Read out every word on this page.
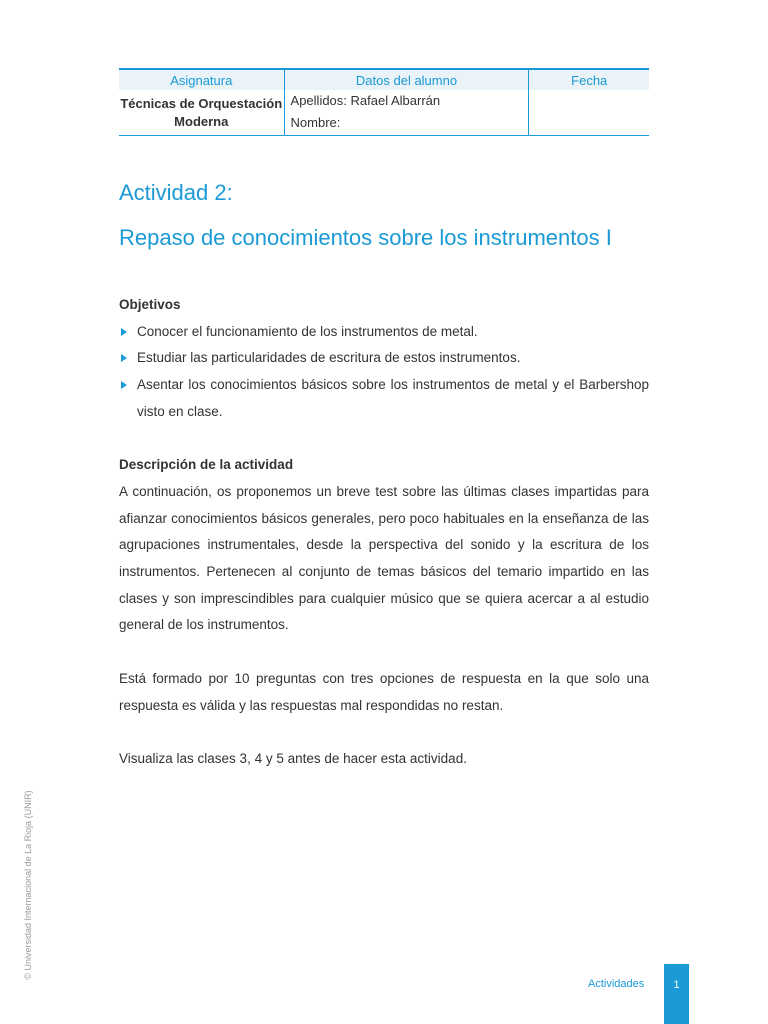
Asignatura	Datos del alumno	Fecha
Técnicas de Orquestación Moderna	Apellidos: Rafael Albarrán
Nombre:	

Actividad 2:
Repaso de conocimientos sobre los instrumentos I
Objetivos
Conocer el funcionamiento de los instrumentos de metal.
Estudiar las particularidades de escritura de estos instrumentos.
Asentar los conocimientos básicos sobre los instrumentos de metal y el Barbershop visto en clase.
Descripción de la actividad

A continuación, os proponemos un breve test sobre las últimas clases impartidas para afianzar conocimientos básicos generales, pero poco habituales en la enseñanza de las agrupaciones instrumentales, desde la perspectiva del sonido y la escritura de los instrumentos. Pertenecen al conjunto de temas básicos del temario impartido en las clases y son imprescindibles para cualquier músico que se quiera acercar a al estudio general de los instrumentos.

Está formado por 10 preguntas con tres opciones de respuesta en la que solo una respuesta es válida y las respuestas mal respondidas no restan.

Visualiza las clases 3, 4 y 5 antes de hacer esta actividad.

© Universidad Internacional de La Rioja (UNIR)
Actividades	1
